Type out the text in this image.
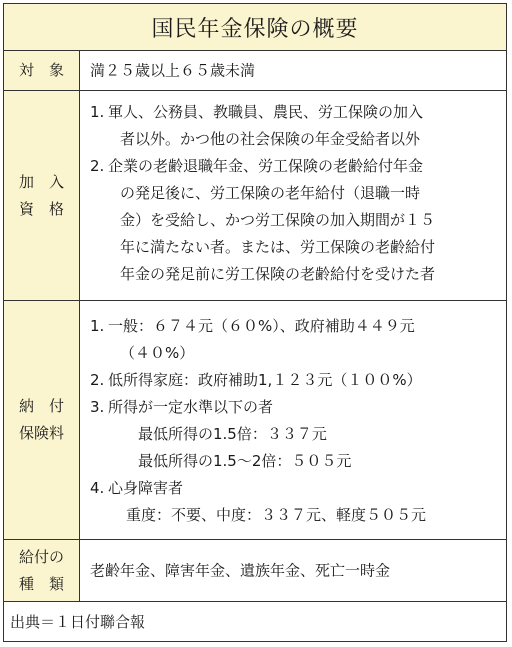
国民年金保険の概要
対　象 満２５歳以上６５歳未満
加　入
資　格
1. 軍人、公務員、教職員、農民、労工保険の加入
者以外。かつ他の社会保険の年金受給者以外
2. 企業の老齢退職年金、労工保険の老齢給付年金
の発足後に、労工保険の老年給付（退職一時
金）を受給し、かつ労工保険の加入期間が１５
年に満たない者。または、労工保険の老齢給付
年金の発足前に労工保険の老齢給付を受けた者
納　付
保険料
1. 一般：６７４元（６０%）、政府補助４４９元
（４０%）
2. 低所得家庭：政府補助1,１２３元（１００%）
3. 所得が一定水準以下の者
最低所得の1.5倍：３３７元
最低所得の1.5～2倍：５０５元
4. 心身障害者
重度：不要、中度：３３７元、軽度５０５元
給付の
種　類
老齢年金、障害年金、遺族年金、死亡一時金
出典＝１日付聯合報
